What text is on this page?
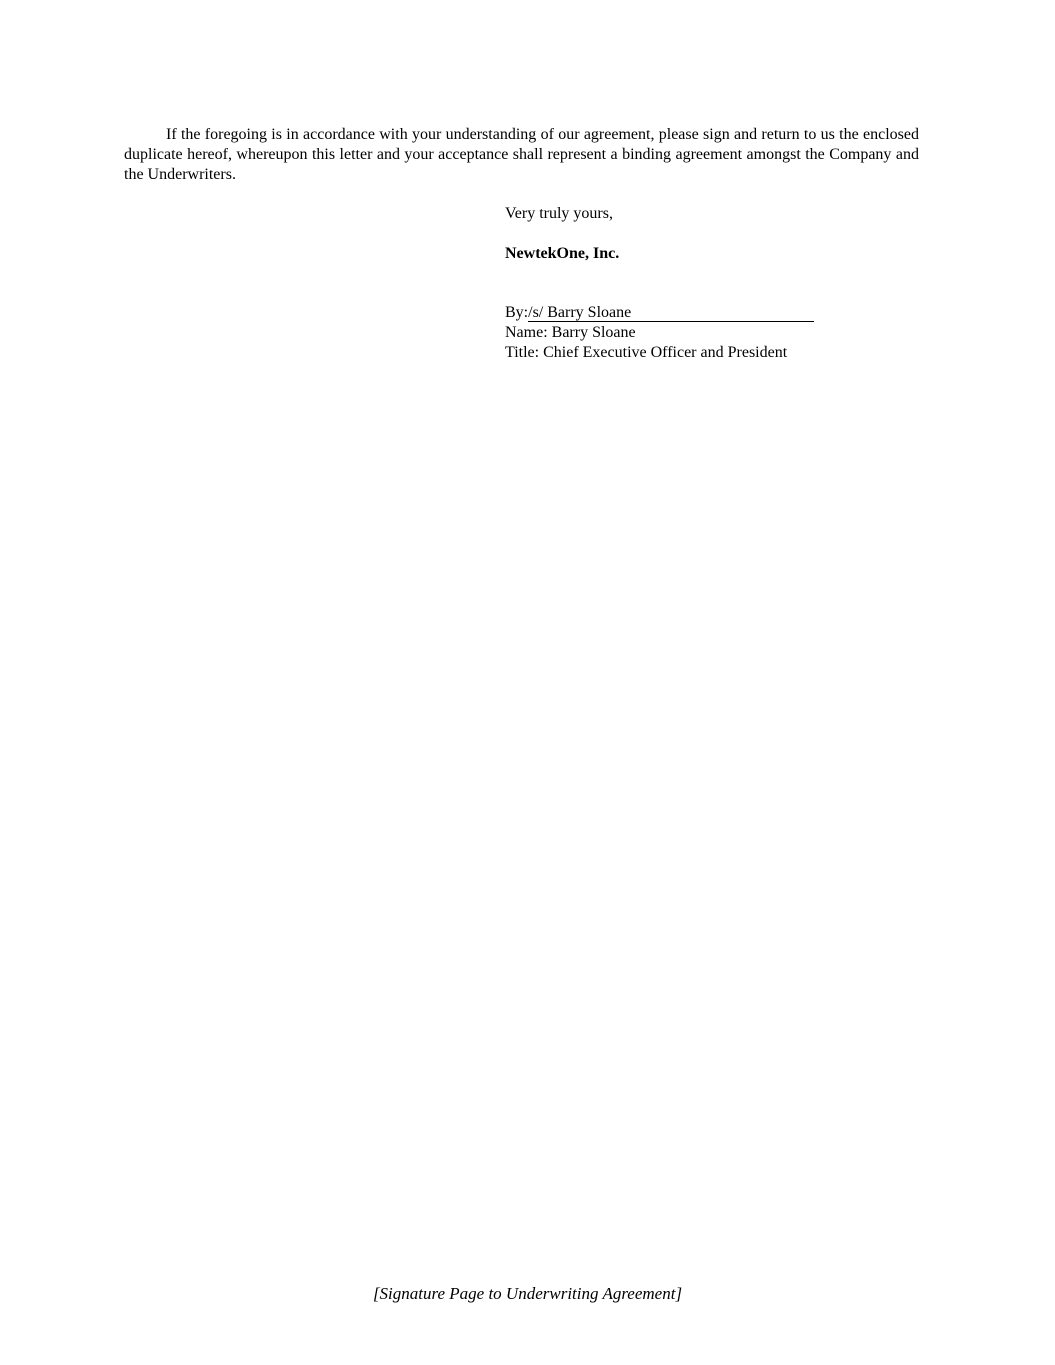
If the foregoing is in accordance with your understanding of our agreement, please sign and return to us the enclosed duplicate hereof, whereupon this letter and your acceptance shall represent a binding agreement amongst the Company and the Underwriters.

Very truly yours,
NewtekOne, Inc.
By:/s/ Barry Sloane
Name: Barry Sloane
Title: Chief Executive Officer and President
[Signature Page to Underwriting Agreement]
